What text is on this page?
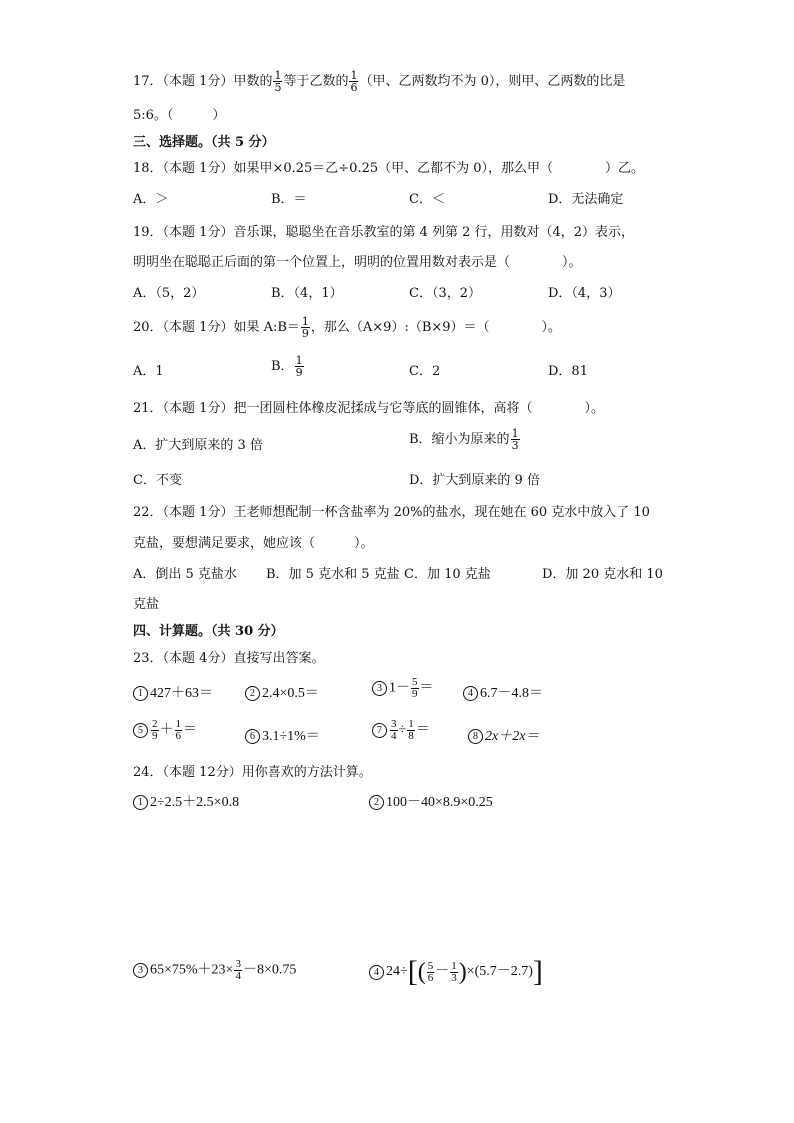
17．（本题 1分）甲数的 $\frac{1}{5}$ 等于乙数的 $\frac{1}{6}$ （甲、乙两数均不为 0），则甲、乙两数的比是
5:6。（　　　）
三、选择题。（共 5 分）
18．（本题 1分）如果甲×0.25＝乙÷0.25（甲、乙都不为 0），那么甲（　　　　）乙。
A．＞	B．＝	C．＜	D．无法确定
19．（本题 1分）音乐课，聪聪坐在音乐教室的第 4 列第 2 行，用数对（4，2）表示，
明明坐在聪聪正后面的第一个位置上，明明的位置用数对表示是（　　　　）。
A．（5，2）	B．（4，1）	C．（3，2）	D．（4，3）
20．（本题 1分）如果 A:B＝ $\frac{1}{9}$ ，那么（A×9）:（B×9）＝（　　　　）。
A．1	B． $\frac{1}{9}$	C．2	D．81
21．（本题 1分）把一团圆柱体橡皮泥揉成与它等底的圆锥体，高将（　　　　）。
A．扩大到原来的 3 倍	B．缩小为原来的 $\frac{1}{3}$
C．不变	D．扩大到原来的 9 倍
22．（本题 1分）王老师想配制一杯含盐率为 20%的盐水，现在她在 60 克水中放入了 10
克盐，要想满足要求，她应该（　　　）。
A．倒出 5 克盐水 B．加 5 克水和 5 克盐 C．加 10 克盐	D．加 20 克水和 10
克盐
四、计算题。（共 30 分）
23．（本题 4分）直接写出答案。
1 427＋63＝	2 2.4×0.5＝	3 $1- \frac{5}{9}$ ＝	4 6.7－4.8＝
$5 \frac{2}{9} + \frac{1}{6}$ ＝	6 3.1÷1%＝	$7 \frac{3}{4} \div \frac{1}{8}$ ＝	8 2x＋2x＝
24．（本题 12分）用你喜欢的方法计算。
1 2÷2.5＋2.5×0.8	2 100－40×8.9×0.25
3 $65\times 75\%+23\times \frac{3}{4} -8\times 0.75$	4 $24\div[( \frac{5}{6} - \frac{1}{3} )\times(5.7-2.7)]$
